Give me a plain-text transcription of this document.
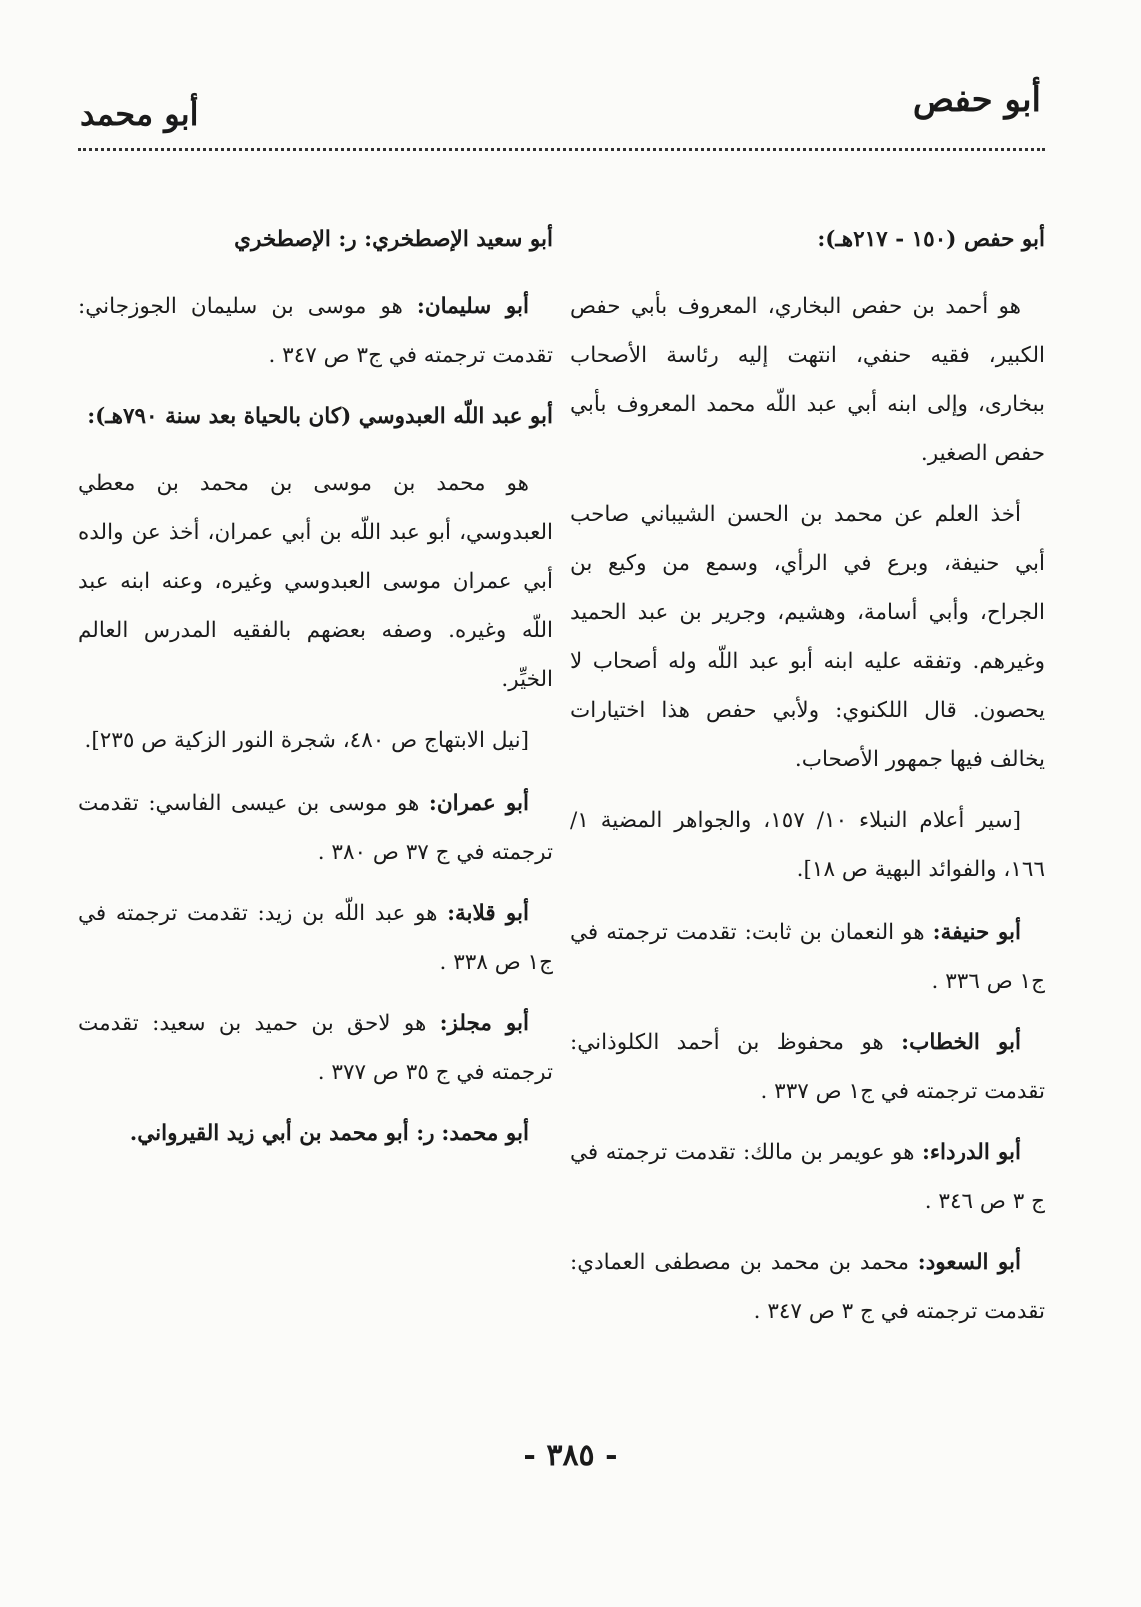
أبو حفص
أبو محمد
أبو حفص (١٥٠ - ٢١٧هـ):

هو أحمد بن حفص البخاري، المعروف بأبي حفص الكبير، فقيه حنفي، انتهت إليه رئاسة الأصحاب ببخارى، وإلى ابنه أبي عبد اللّه محمد المعروف بأبي حفص الصغير.

أخذ العلم عن محمد بن الحسن الشيباني صاحب أبي حنيفة، وبرع في الرأي، وسمع من وكيع بن الجراح، وأبي أسامة، وهشيم، وجرير بن عبد الحميد وغيرهم. وتفقه عليه ابنه أبو عبد اللّه وله أصحاب لا يحصون. قال اللكنوي: ولأبي حفص هذا اختيارات يخالف فيها جمهور الأصحاب.

[سير أعلام النبلاء ١٠/ ١٥٧، والجواهر المضية ١/ ١٦٦، والفوائد البهية ص ١٨].

أبو حنيفة: هو النعمان بن ثابت: تقدمت ترجمته في ج١ ص ٣٣٦ .

أبو الخطاب: هو محفوظ بن أحمد الكلوذاني: تقدمت ترجمته في ج١ ص ٣٣٧ .

أبو الدرداء: هو عويمر بن مالك: تقدمت ترجمته في ج ٣ ص ٣٤٦ .

أبو السعود: محمد بن محمد بن مصطفى العمادي: تقدمت ترجمته في ج ٣ ص ٣٤٧ .

أبو سعيد الإصطخري: ر: الإصطخري

أبو سليمان: هو موسى بن سليمان الجوزجاني: تقدمت ترجمته في ج٣ ص ٣٤٧ .

أبو عبد اللّه العبدوسي (كان بالحياة بعد سنة ٧٩٠هـ):

هو محمد بن موسى بن محمد بن معطي العبدوسي، أبو عبد اللّه بن أبي عمران، أخذ عن والده أبي عمران موسى العبدوسي وغيره، وعنه ابنه عبد اللّه وغيره. وصفه بعضهم بالفقيه المدرس العالم الخيِّر.

[نيل الابتهاج ص ٤٨٠، شجرة النور الزكية ص ٢٣٥].

أبو عمران: هو موسى بن عيسى الفاسي: تقدمت ترجمته في ج ٣٧ ص ٣٨٠ .

أبو قلابة: هو عبد اللّه بن زيد: تقدمت ترجمته في ج١ ص ٣٣٨ .

أبو مجلز: هو لاحق بن حميد بن سعيد: تقدمت ترجمته في ج ٣٥ ص ٣٧٧ .

أبو محمد: ر: أبو محمد بن أبي زيد القيرواني.

- ٣٨٥ -
